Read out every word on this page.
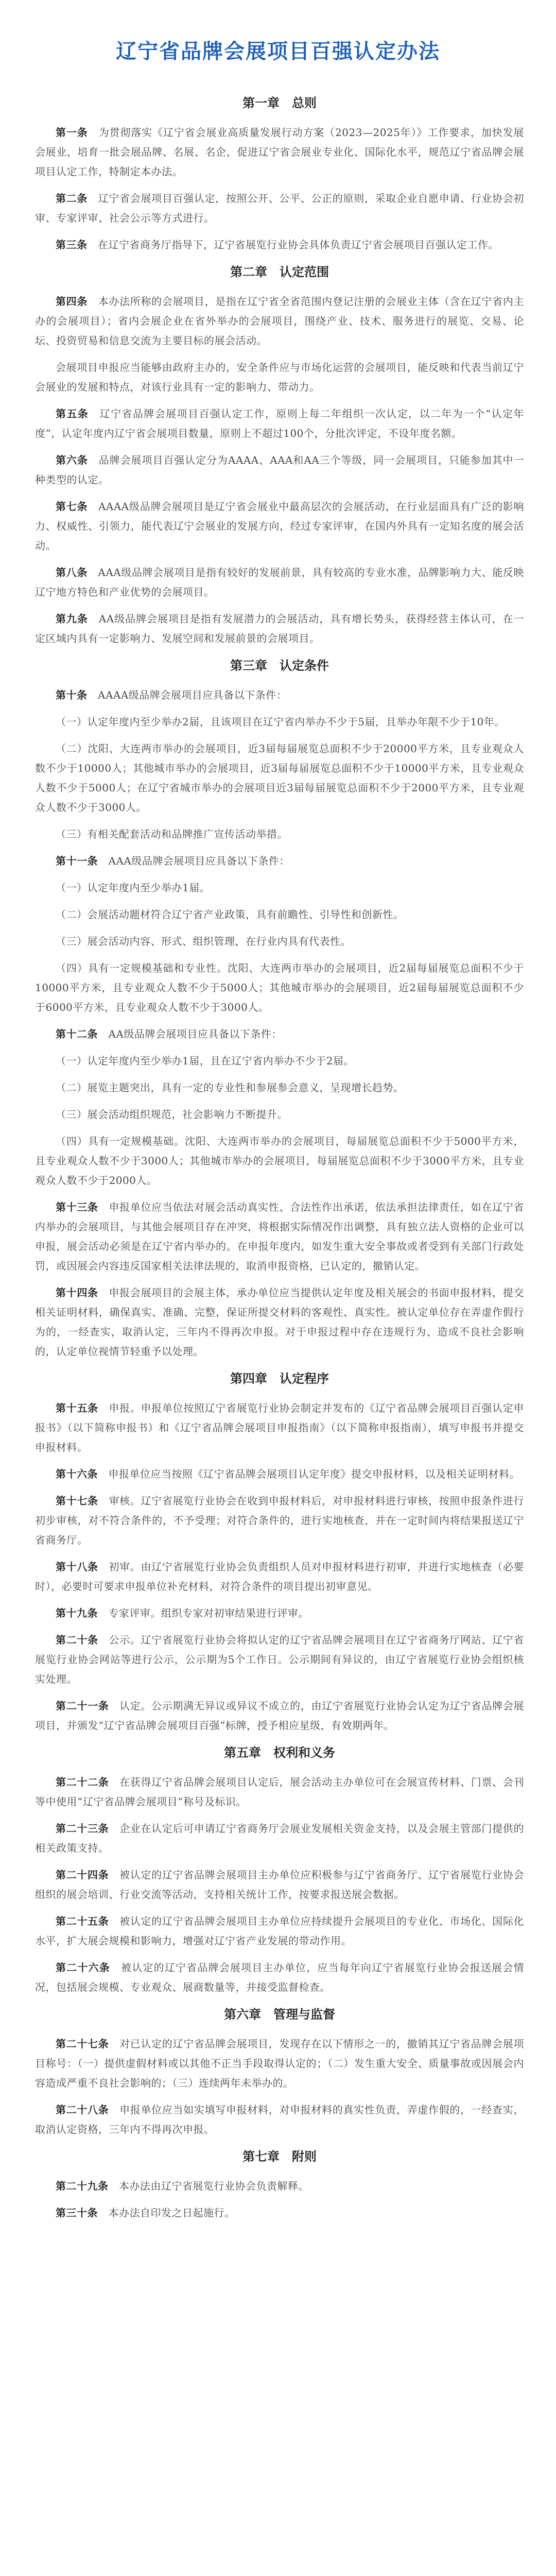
辽宁省品牌会展项目百强认定办法
第一章　总则

第一条　 为贯彻落实《辽宁省会展业高质量发展行动方案（2023—2025年）》工作要求，加快发展会展业，培育一批会展品牌、名展、名企，促进辽宁省会展业专业化、国际化水平，规范辽宁省品牌会展项目认定工作，特制定本办法。

第二条　 辽宁省会展项目百强认定，按照公开、公平、公正的原则，采取企业自愿申请、行业协会初审、专家评审、社会公示等方式进行。

第三条　 在辽宁省商务厅指导下，辽宁省展览行业协会具体负责辽宁省会展项目百强认定工作。

第二章　认定范围

第四条　 本办法所称的会展项目，是指在辽宁省全省范围内登记注册的会展业主体（含在辽宁省内主办的会展项目）；省内会展企业在省外举办的会展项目，围绕产业、技术、服务进行的展览、交易、论坛、投资贸易和信息交流为主要目标的展会活动。

会展项目申报应当能够由政府主办的，安全条件应与市场化运营的会展项目，能反映和代表当前辽宁会展业的发展和特点，对该行业具有一定的影响力、带动力。

第五条　 辽宁省品牌会展项目百强认定工作，原则上每二年组织一次认定，以二年为一个“认定年度”，认定年度内辽宁省会展项目数量，原则上不超过100个，分批次评定，不设年度名额。

第六条　 品牌会展项目百强认定分为AAAA、AAA和AA三个等级，同一会展项目，只能参加其中一种类型的认定。

第七条　 AAAA级品牌会展项目是辽宁省会展业中最高层次的会展活动，在行业层面具有广泛的影响力、权威性、引领力，能代表辽宁会展业的发展方向，经过专家评审，在国内外具有一定知名度的展会活动。

第八条　 AAA级品牌会展项目是指有较好的发展前景，具有较高的专业水准，品牌影响力大、能反映辽宁地方特色和产业优势的会展项目。

第九条　 AA级品牌会展项目是指有发展潜力的会展活动，具有增长势头，获得经营主体认可，在一定区域内具有一定影响力、发展空间和发展前景的会展项目。

第三章　认定条件

第十条　 AAAA级品牌会展项目应具备以下条件：

（一）认定年度内至少举办2届，且该项目在辽宁省内举办不少于5届，且举办年限不少于10年。

（二）沈阳、大连两市举办的会展项目，近3届每届展览总面积不少于20000平方米，且专业观众人数不少于10000人；其他城市举办的会展项目，近3届每届展览总面积不少于10000平方米，且专业观众人数不少于5000人；在辽宁省城市举办的会展项目近3届每届展览总面积不少于2000平方米，且专业观众人数不少于3000人。

（三）有相关配套活动和品牌推广宣传活动举措。

第十一条　 AAA级品牌会展项目应具备以下条件：

（一）认定年度内至少举办1届。

（二）会展活动题材符合辽宁省产业政策，具有前瞻性、引导性和创新性。

（三）展会活动内容、形式、组织管理，在行业内具有代表性。

（四）具有一定规模基础和专业性。沈阳、大连两市举办的会展项目，近2届每届展览总面积不少于10000平方米，且专业观众人数不少于5000人；其他城市举办的会展项目，近2届每届展览总面积不少于6000平方米，且专业观众人数不少于3000人。

第十二条　 AA级品牌会展项目应具备以下条件：

（一）认定年度内至少举办1届，且在辽宁省内举办不少于2届。

（二）展览主题突出，具有一定的专业性和参展参会意义，呈现增长趋势。

（三）展会活动组织规范，社会影响力不断提升。

（四）具有一定规模基础。沈阳、大连两市举办的会展项目，每届展览总面积不少于5000平方米，且专业观众人数不少于3000人；其他城市举办的会展项目，每届展览总面积不少于3000平方米，且专业观众人数不少于2000人。

第十三条　 申报单位应当依法对展会活动真实性、合法性作出承诺，依法承担法律责任，如在辽宁省内举办的会展项目，与其他会展项目存在冲突，将根据实际情况作出调整，具有独立法人资格的企业可以申报，展会活动必须是在辽宁省内举办的。在申报年度内，如发生重大安全事故或者受到有关部门行政处罚，或因展会内容违反国家相关法律法规的，取消申报资格，已认定的，撤销认定。

第十四条　 申报会展项目的会展主体，承办单位应当提供认定年度及相关展会的书面申报材料，提交相关证明材料，确保真实、准确、完整，保证所提交材料的客观性、真实性。被认定单位存在弄虚作假行为的，一经查实，取消认定，三年内不得再次申报。对于申报过程中存在违规行为、造成不良社会影响的，认定单位视情节轻重予以处理。

第四章　认定程序

第十五条　 申报。申报单位按照辽宁省展览行业协会制定并发布的《辽宁省品牌会展项目百强认定申报书》（以下简称申报书）和《辽宁省品牌会展项目申报指南》（以下简称申报指南），填写申报书并提交申报材料。

第十六条　 申报单位应当按照《辽宁省品牌会展项目认定年度》提交申报材料，以及相关证明材料。

第十七条　 审核。辽宁省展览行业协会在收到申报材料后，对申报材料进行审核，按照申报条件进行初步审核，对不符合条件的，不予受理；对符合条件的，进行实地核查，并在一定时间内将结果报送辽宁省商务厅。

第十八条　 初审。由辽宁省展览行业协会负责组织人员对申报材料进行初审，并进行实地核查（必要时），必要时可要求申报单位补充材料，对符合条件的项目提出初审意见。

第十九条　 专家评审。组织专家对初审结果进行评审。

第二十条　 公示。辽宁省展览行业协会将拟认定的辽宁省品牌会展项目在辽宁省商务厅网站、辽宁省展览行业协会网站等进行公示，公示期为5个工作日。公示期间有异议的，由辽宁省展览行业协会组织核实处理。

第二十一条　 认定。公示期满无异议或异议不成立的，由辽宁省展览行业协会认定为辽宁省品牌会展项目，并颁发“辽宁省品牌会展项目百强”标牌，授予相应星级，有效期两年。

第五章　权利和义务

第二十二条　 在获得辽宁省品牌会展项目认定后，展会活动主办单位可在会展宣传材料、门票、会刊等中使用“辽宁省品牌会展项目”称号及标识。

第二十三条　 企业在认定后可申请辽宁省商务厅会展业发展相关资金支持，以及会展主管部门提供的相关政策支持。

第二十四条　 被认定的辽宁省品牌会展项目主办单位应积极参与辽宁省商务厅、辽宁省展览行业协会组织的展会培训、行业交流等活动，支持相关统计工作，按要求报送展会数据。

第二十五条　 被认定的辽宁省品牌会展项目主办单位应持续提升会展项目的专业化、市场化、国际化水平，扩大展会规模和影响力，增强对辽宁省产业发展的带动作用。

第二十六条　 被认定的辽宁省品牌会展项目主办单位，应当每年向辽宁省展览行业协会报送展会情况，包括展会规模、专业观众、展商数量等，并接受监督检查。

第六章　管理与监督

第二十七条　 对已认定的辽宁省品牌会展项目，发现存在以下情形之一的，撤销其辽宁省品牌会展项目称号：（一）提供虚假材料或以其他不正当手段取得认定的；（二）发生重大安全、质量事故或因展会内容造成严重不良社会影响的；（三）连续两年未举办的。

第二十八条　 申报单位应当如实填写申报材料，对申报材料的真实性负责，弄虚作假的，一经查实，取消认定资格，三年内不得再次申报。

第七章　附则

第二十九条　 本办法由辽宁省展览行业协会负责解释。

第三十条　 本办法自印发之日起施行。
